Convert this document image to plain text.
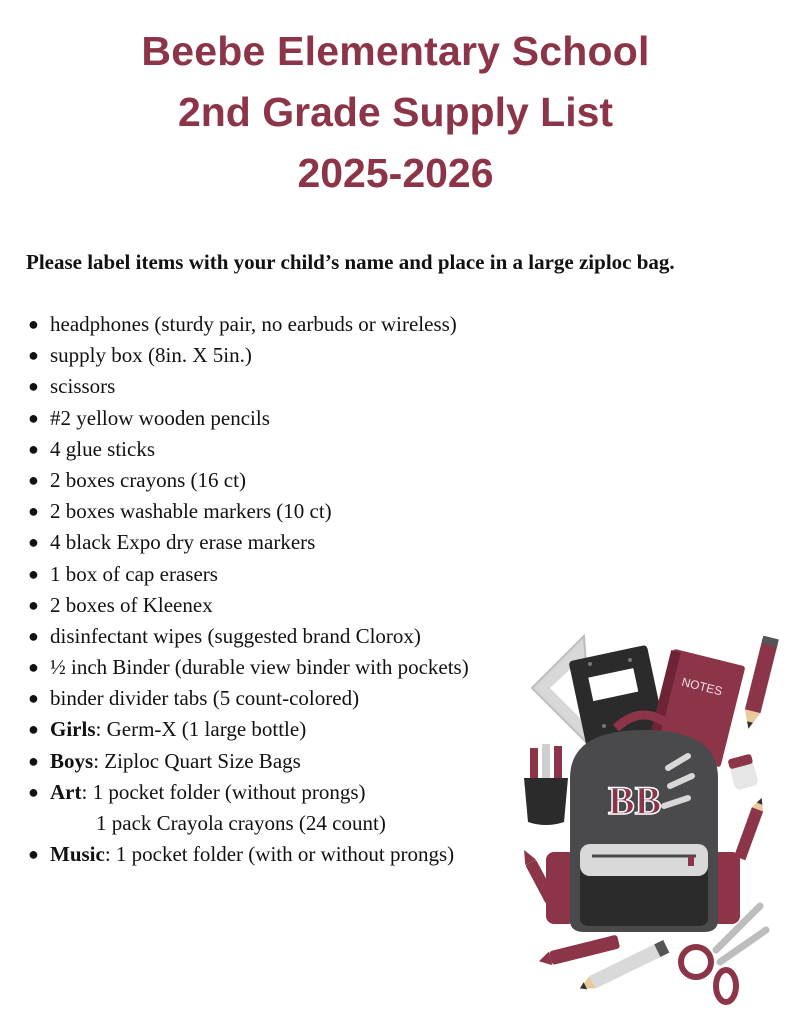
Beebe Elementary School
2nd Grade Supply List
2025-2026

Please label items with your child’s name and place in a large ziploc bag.

● headphones (sturdy pair, no earbuds or wireless)
● supply box (8in. X 5in.)
● scissors
● #2 yellow wooden pencils
● 4 glue sticks
● 2 boxes crayons (16 ct)
● 2 boxes washable markers (10 ct)
● 4 black Expo dry erase markers
● 1 box of cap erasers
● 2 boxes of Kleenex
● disinfectant wipes (suggested brand Clorox)
● ½ inch Binder (durable view binder with pockets)
● binder divider tabs (5 count-colored)
● Girls: Germ-X (1 large bottle)
● Boys: Ziploc Quart Size Bags
● Art: 1 pocket folder (without prongs)
1 pack Crayola crayons (24 count)
● Music: 1 pocket folder (with or without prongs)
NOTES
BB
